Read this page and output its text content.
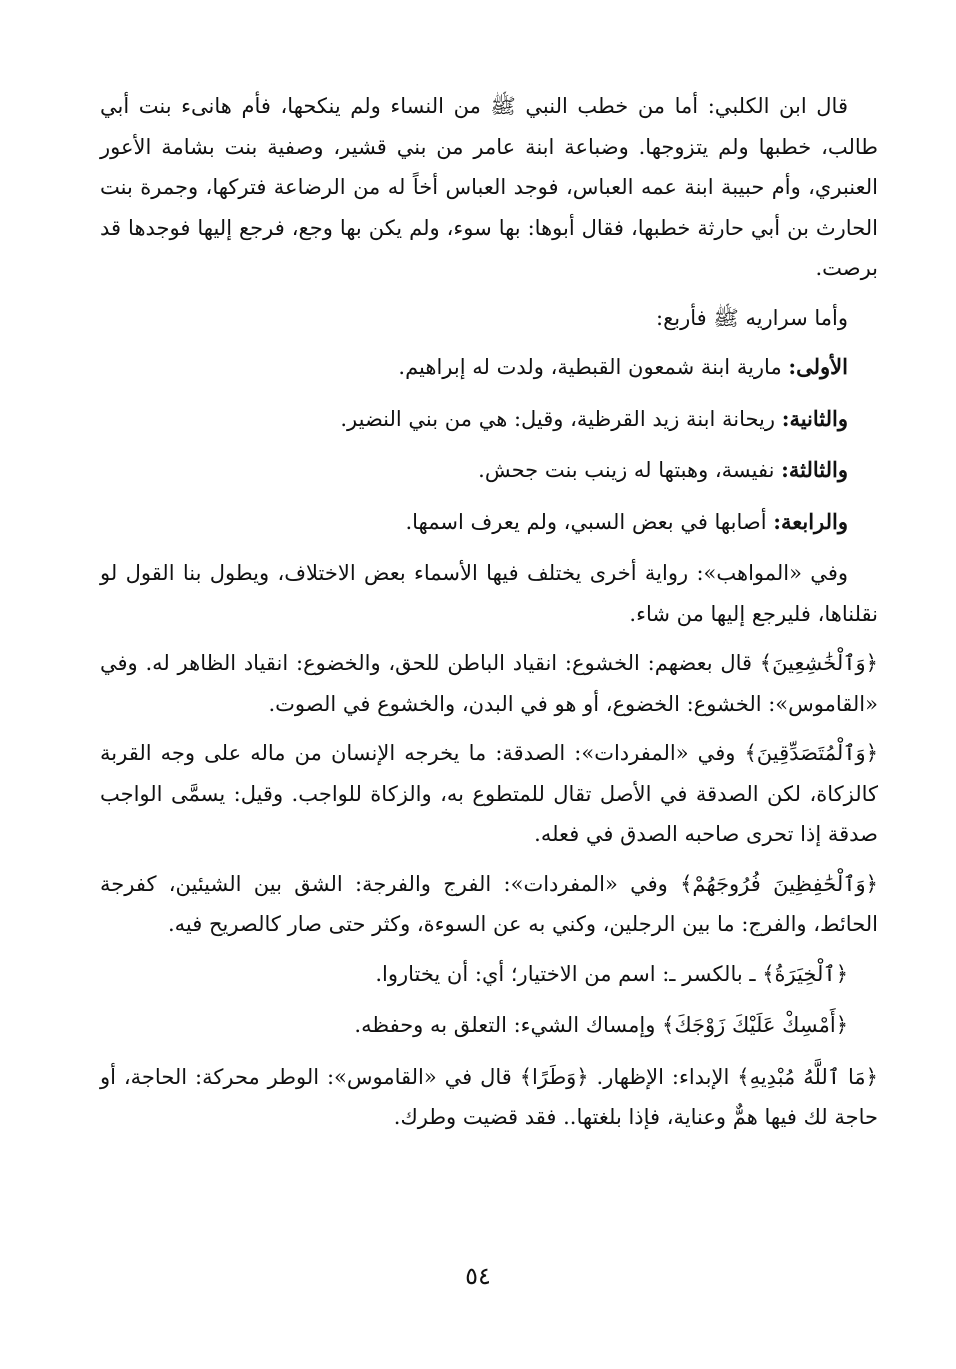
قال ابن الكلبي: أما من خطب النبي ﷺ من النساء ولم ينكحها، فأم هانىء بنت أبي طالب، خطبها ولم يتزوجها. وضباعة ابنة عامر من بني قشير، وصفية بنت بشامة الأعور العنبري، وأم حبيبة ابنة عمه العباس، فوجد العباس أخاً له من الرضاعة فتركها، وجمرة بنت الحارث بن أبي حارثة خطبها، فقال أبوها: بها سوء، ولم يكن بها وجع، فرجع إليها فوجدها قد برصت.

وأما سراريه ﷺ فأربع:

الأولى: مارية ابنة شمعون القبطية، ولدت له إبراهيم.

والثانية: ريحانة ابنة زيد القرظية، وقيل: هي من بني النضير.

والثالثة: نفيسة، وهبتها له زينب بنت جحش.

والرابعة: أصابها في بعض السبي، ولم يعرف اسمها.

وفي «المواهب»: رواية أخرى يختلف فيها الأسماء بعض الاختلاف، ويطول بنا القول لو نقلناها، فليرجع إليها من شاء.

﴿وَٱلْخَٰشِعِينَ﴾ قال بعضهم: الخشوع: انقياد الباطن للحق، والخضوع: انقياد الظاهر له. وفي «القاموس»: الخشوع: الخضوع، أو هو في البدن، والخشوع في الصوت.

﴿وَٱلْمُتَصَدِّقِينَ﴾ وفي «المفردات»: الصدقة: ما يخرجه الإنسان من ماله على وجه القربة كالزكاة، لكن الصدقة في الأصل تقال للمتطوع به، والزكاة للواجب. وقيل: يسمَّى الواجب صدقة إذا تحرى صاحبه الصدق في فعله.

﴿وَٱلْحَٰفِظِينَ فُرُوجَهُمْ﴾ وفي «المفردات»: الفرج والفرجة: الشق بين الشيئين، كفرجة الحائط، والفرج: ما بين الرجلين، وكني به عن السوءة، وكثر حتى صار كالصريح فيه.

﴿ٱلْخِيَرَةُ﴾ ـ بالكسر ـ: اسم من الاختيار؛ أي: أن يختاروا.

﴿أَمْسِكْ عَلَيْكَ زَوْجَكَ﴾ وإمساك الشيء: التعلق به وحفظه.

﴿مَا ٱللَّهُ مُبْدِيهِ﴾ الإبداء: الإظهار. ﴿وَطَرًا﴾ قال في «القاموس»: الوطر محركة: الحاجة، أو حاجة لك فيها همٌّ وعناية، فإذا بلغتها.. فقد قضيت وطرك.

٥٤
